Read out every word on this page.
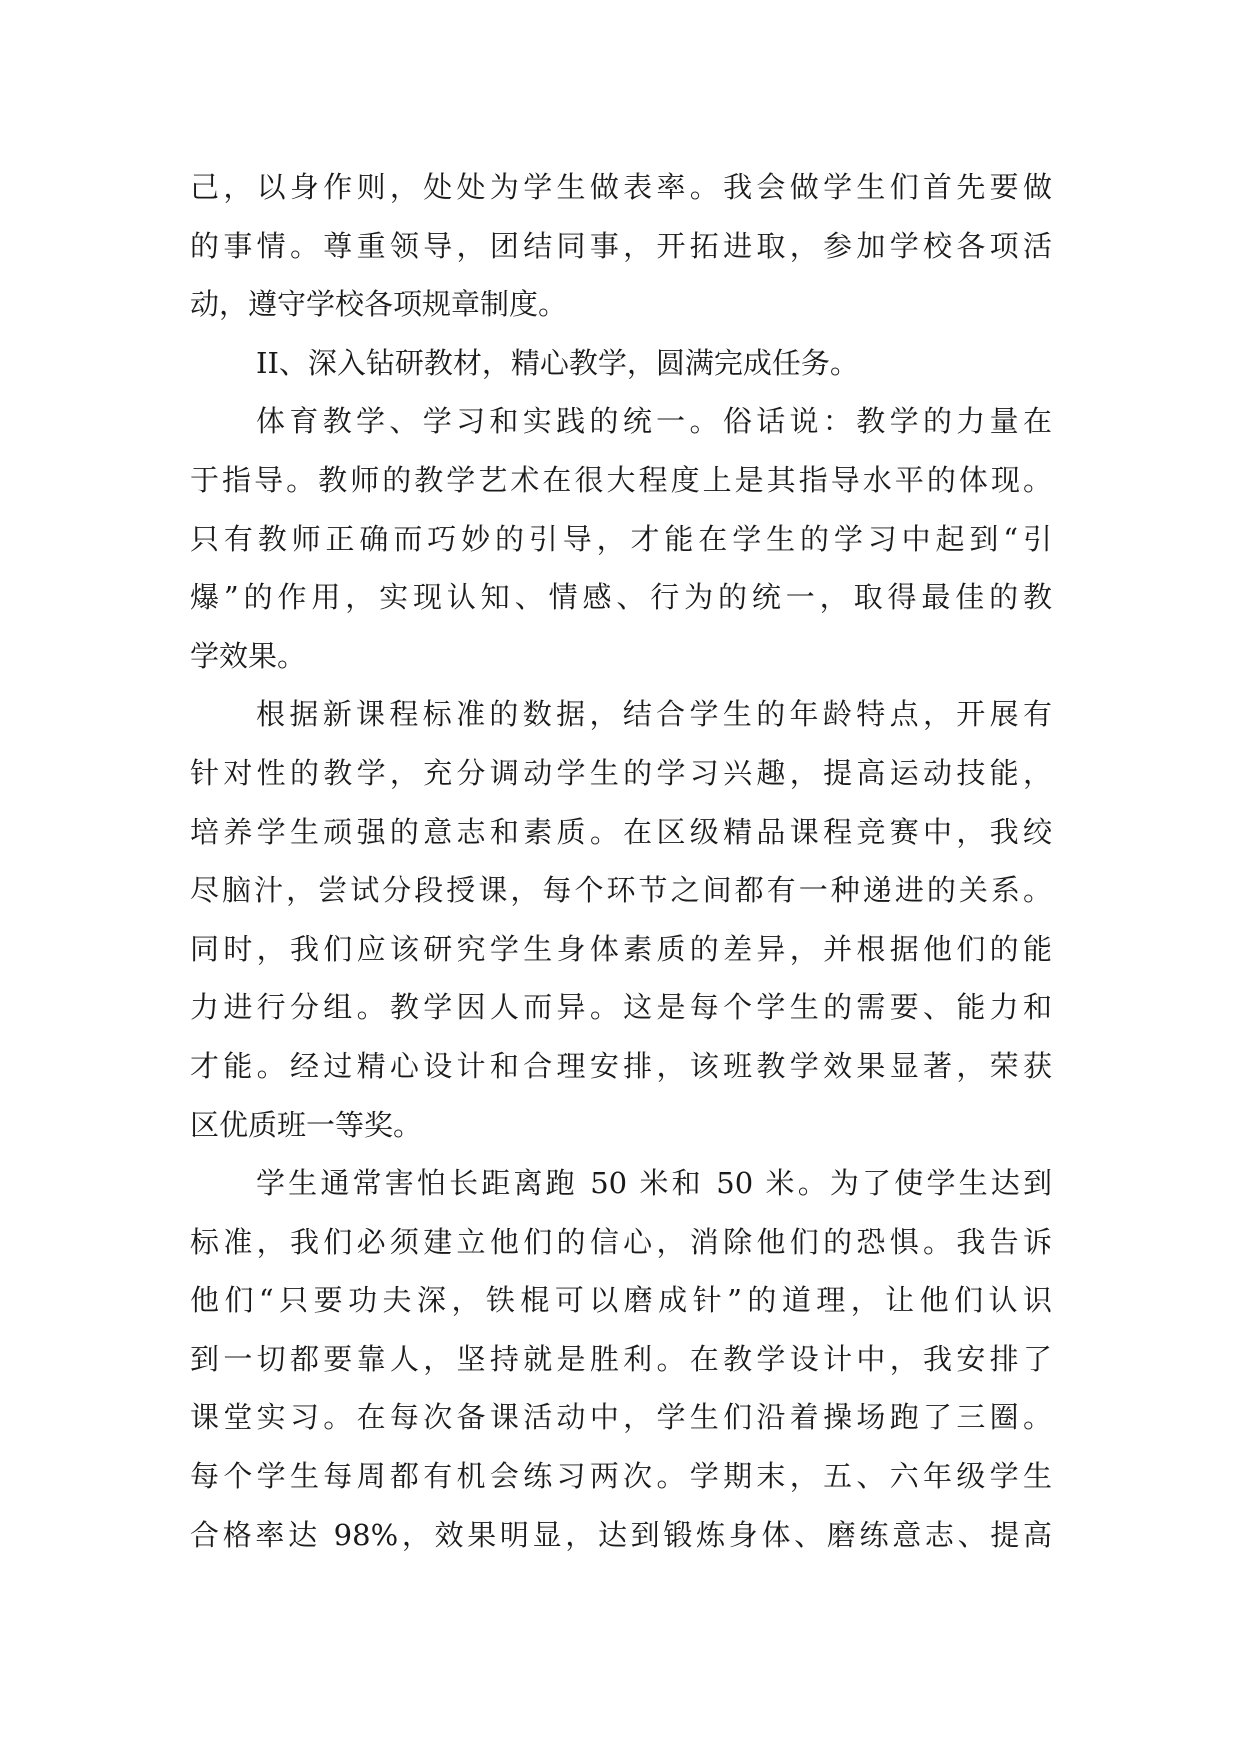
己，以身作则，处处为学生做表率。我会做学生们首先要做
的事情。尊重领导，团结同事，开拓进取，参加学校各项活
动，遵守学校各项规章制度。
II、深入钻研教材，精心教学，圆满完成任务。
体育教学、学习和实践的统一。俗话说：教学的力量在
于指导。教师的教学艺术在很大程度上是其指导水平的体现。
只有教师正确而巧妙的引导，才能在学生的学习中起到“引
爆”的作用，实现认知、情感、行为的统一，取得最佳的教
学效果。
根据新课程标准的数据，结合学生的年龄特点，开展有
针对性的教学，充分调动学生的学习兴趣，提高运动技能，
培养学生顽强的意志和素质。在区级精品课程竞赛中，我绞
尽脑汁，尝试分段授课，每个环节之间都有一种递进的关系。
同时，我们应该研究学生身体素质的差异，并根据他们的能
力进行分组。教学因人而异。这是每个学生的需要、能力和
才能。经过精心设计和合理安排，该班教学效果显著，荣获
区优质班一等奖。
学生通常害怕长距离跑 50 米和 50 米。为了使学生达到
标准，我们必须建立他们的信心，消除他们的恐惧。我告诉
他们“只要功夫深，铁棍可以磨成针”的道理，让他们认识
到一切都要靠人，坚持就是胜利。在教学设计中，我安排了
课堂实习。在每次备课活动中，学生们沿着操场跑了三圈。
每个学生每周都有机会练习两次。学期末，五、六年级学生
合格率达 98%，效果明显，达到锻炼身体、磨练意志、提高
